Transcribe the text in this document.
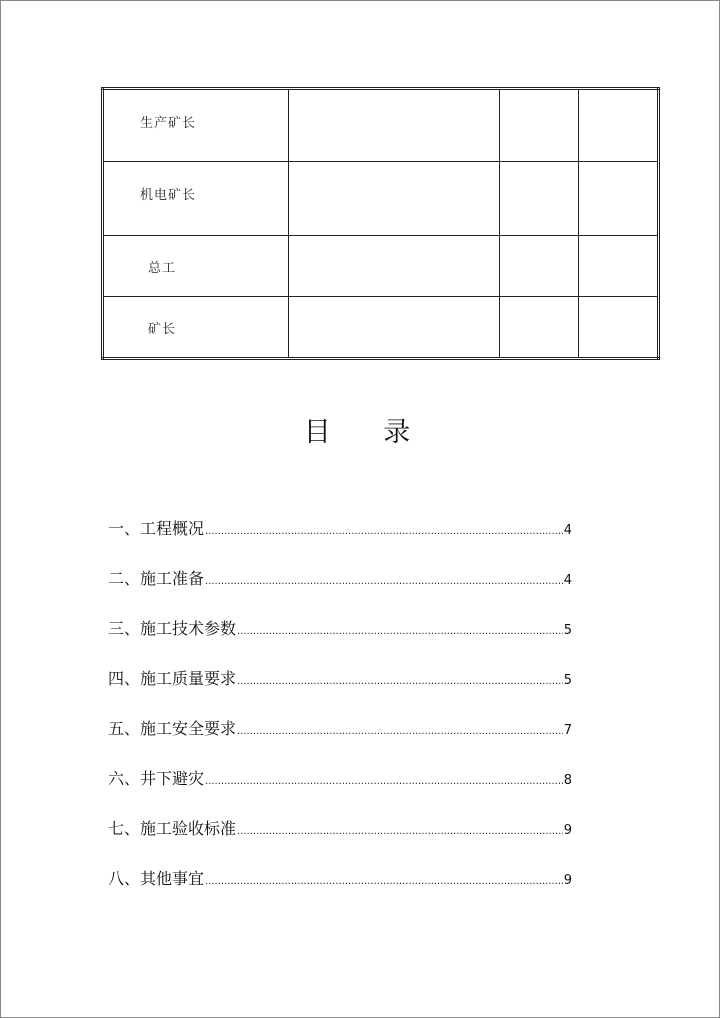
生产矿长			
机电矿长			
总工			
矿长			
目 录
一、工程概况 .....	4
二、施工准备 .....	4
三、施工技术参数 .....	5
四、施工质量要求 .....	5
五、施工安全要求 .....	7
六、井下避灾 .....	8
七、施工验收标准 .....	9
八、其他事宜 .....	9
